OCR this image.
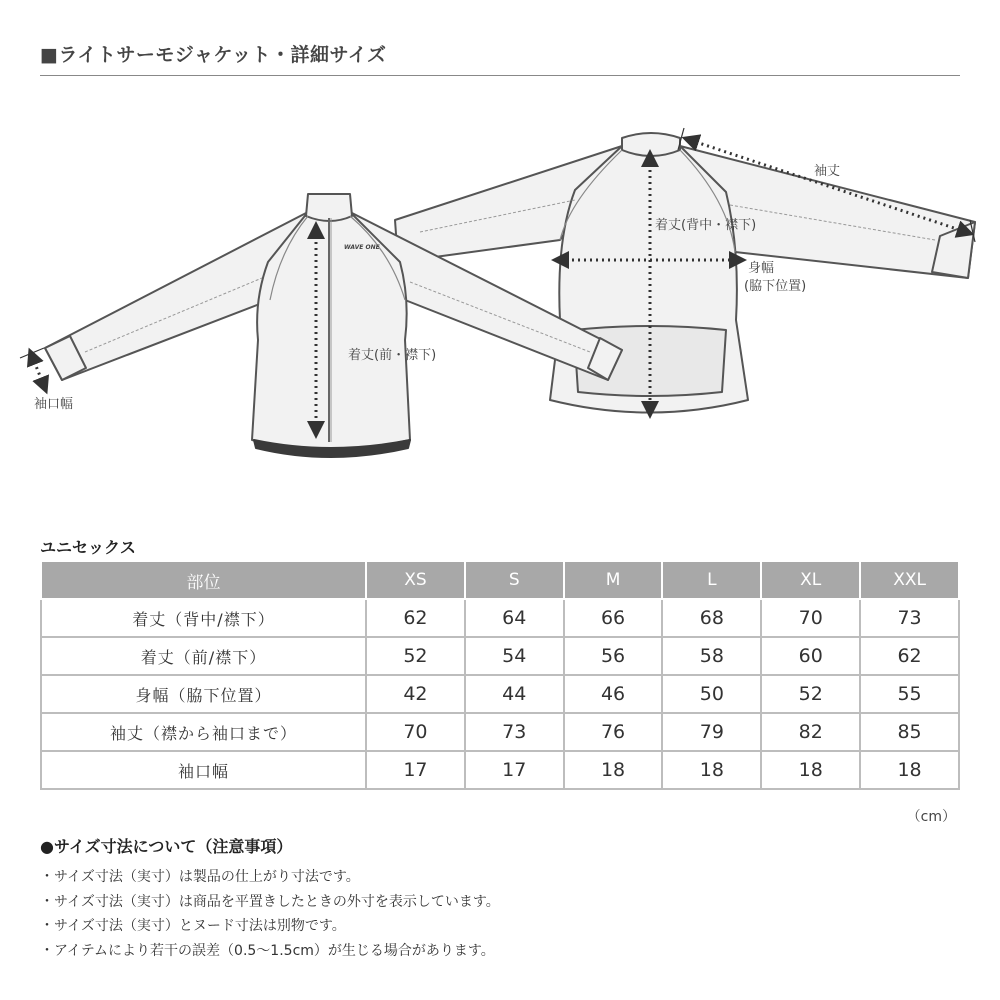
■ライトサーモジャケット・詳細サイズ
WAVE ONE
袖丈
着丈(背中・襟下)
身幅
(脇下位置)
着丈(前・襟下)
袖口幅
ユニセックス
部位	XS	S	M	L	XL	XXL
着丈（背中/襟下）	62	64	66	68	70	73
着丈（前/襟下）	52	54	56	58	60	62
身幅（脇下位置）	42	44	46	50	52	55
袖丈（襟から袖口まで）	70	73	76	79	82	85
袖口幅	17	17	18	18	18	18
（cm）
●サイズ寸法について（注意事項）
・サイズ寸法（実寸）は製品の仕上がり寸法です。
・サイズ寸法（実寸）は商品を平置きしたときの外寸を表示しています。
・サイズ寸法（実寸）とヌード寸法は別物です。
・アイテムにより若干の誤差（0.5〜1.5cm）が生じる場合があります。
